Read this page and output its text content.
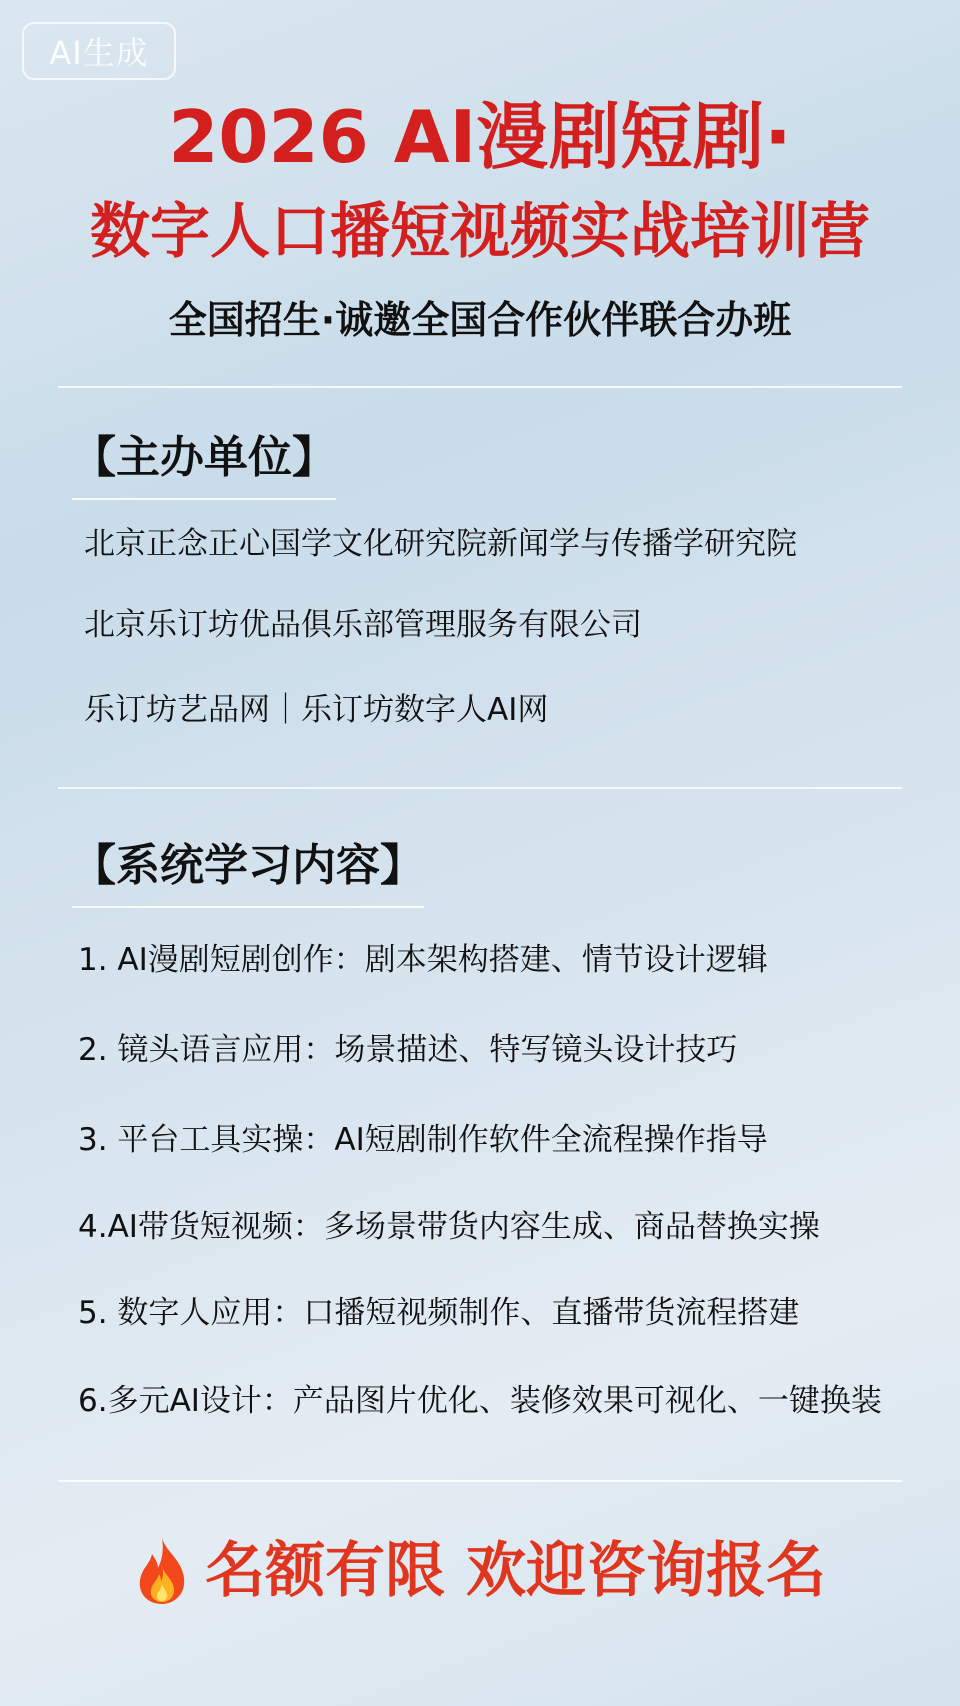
AI生成
2026 AI漫剧短剧·
数字人口播短视频实战培训营
全国招生·诚邀全国合作伙伴联合办班
【主办单位】
北京正念正心国学文化研究院新闻学与传播学研究院
北京乐订坊优品俱乐部管理服务有限公司
乐订坊艺品网｜乐订坊数字人AI网
【系统学习内容】
1. AI漫剧短剧创作：剧本架构搭建、情节设计逻辑
2. 镜头语言应用：场景描述、特写镜头设计技巧
3. 平台工具实操：AI短剧制作软件全流程操作指导
4.AI带货短视频：多场景带货内容生成、商品替换实操
5. 数字人应用：口播短视频制作、直播带货流程搭建
6.多元AI设计：产品图片优化、装修效果可视化、一键换装
名额有限 欢迎咨询报名
